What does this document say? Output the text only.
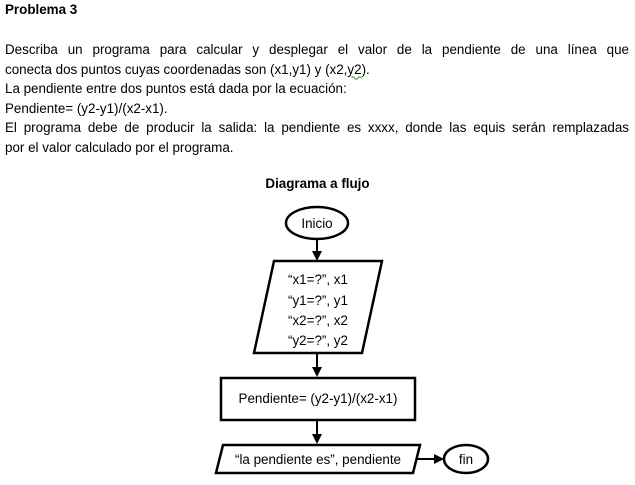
Problema 3
Describa un programa para calcular y desplegar el valor de la pendiente de una línea que
conecta dos puntos cuyas coordenadas son (x1,y1) y (x2,y2).
La pendiente entre dos puntos está dada por la ecuación:
Pendiente= (y2-y1)/(x2-x1).
El programa debe de producir la salida: la pendiente es xxxx, donde las equis serán remplazadas
por el valor calculado por el programa.
Diagrama a flujo
Inicio
“x1=?”, x1
“y1=?”, y1
“x2=?”, x2
“y2=?”, y2
Pendiente= (y2-y1)/(x2-x1)
“la pendiente es”, pendiente	fin
